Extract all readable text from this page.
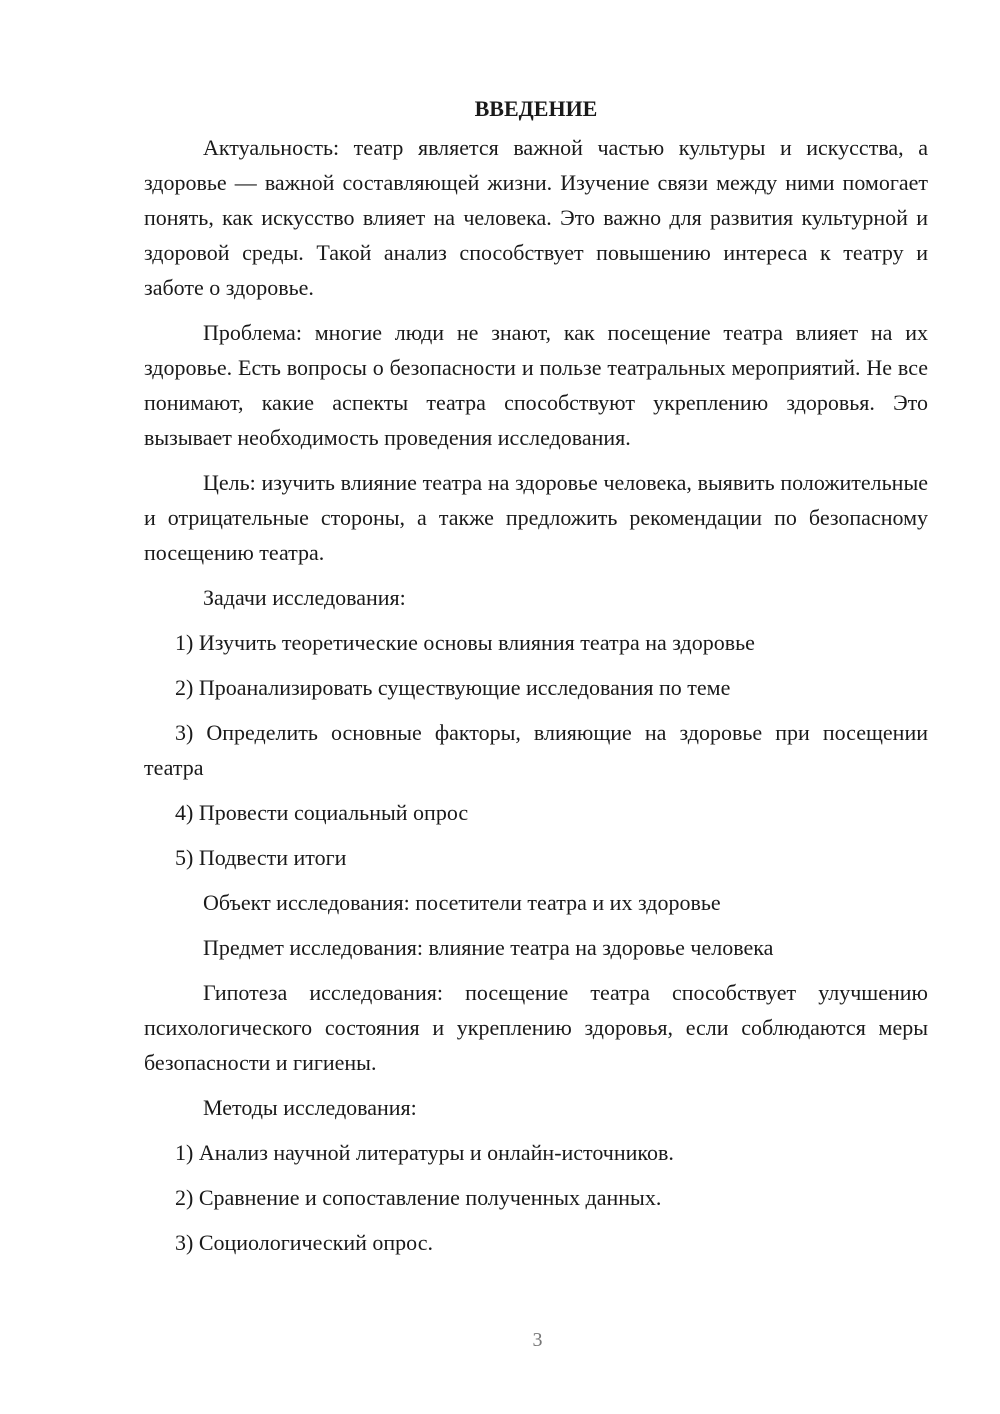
ВВЕДЕНИЕ

Актуальность: театр является важной частью культуры и искусства, а здоровье — важной составляющей жизни. Изучение связи между ними помогает понять, как искусство влияет на человека. Это важно для развития культурной и здоровой среды. Такой анализ способствует повышению интереса к театру и заботе о здоровье.

Проблема: многие люди не знают, как посещение театра влияет на их здоровье. Есть вопросы о безопасности и пользе театральных мероприятий. Не все понимают, какие аспекты театра способствуют укреплению здоровья. Это вызывает необходимость проведения исследования.

Цель: изучить влияние театра на здоровье человека, выявить положительные и отрицательные стороны, а также предложить рекомендации по безопасному посещению театра.

Задачи исследования:

1) Изучить теоретические основы влияния театра на здоровье

2) Проанализировать существующие исследования по теме

3) Определить основные факторы, влияющие на здоровье при посещении театра

4) Провести социальный опрос

5) Подвести итоги

Объект исследования: посетители театра и их здоровье

Предмет исследования: влияние театра на здоровье человека

Гипотеза исследования: посещение театра способствует улучшению психологического состояния и укреплению здоровья, если соблюдаются меры безопасности и гигиены.

Методы исследования:

1) Анализ научной литературы и онлайн-источников.

2) Сравнение и сопоставление полученных данных.

3) Социологический опрос.

3
